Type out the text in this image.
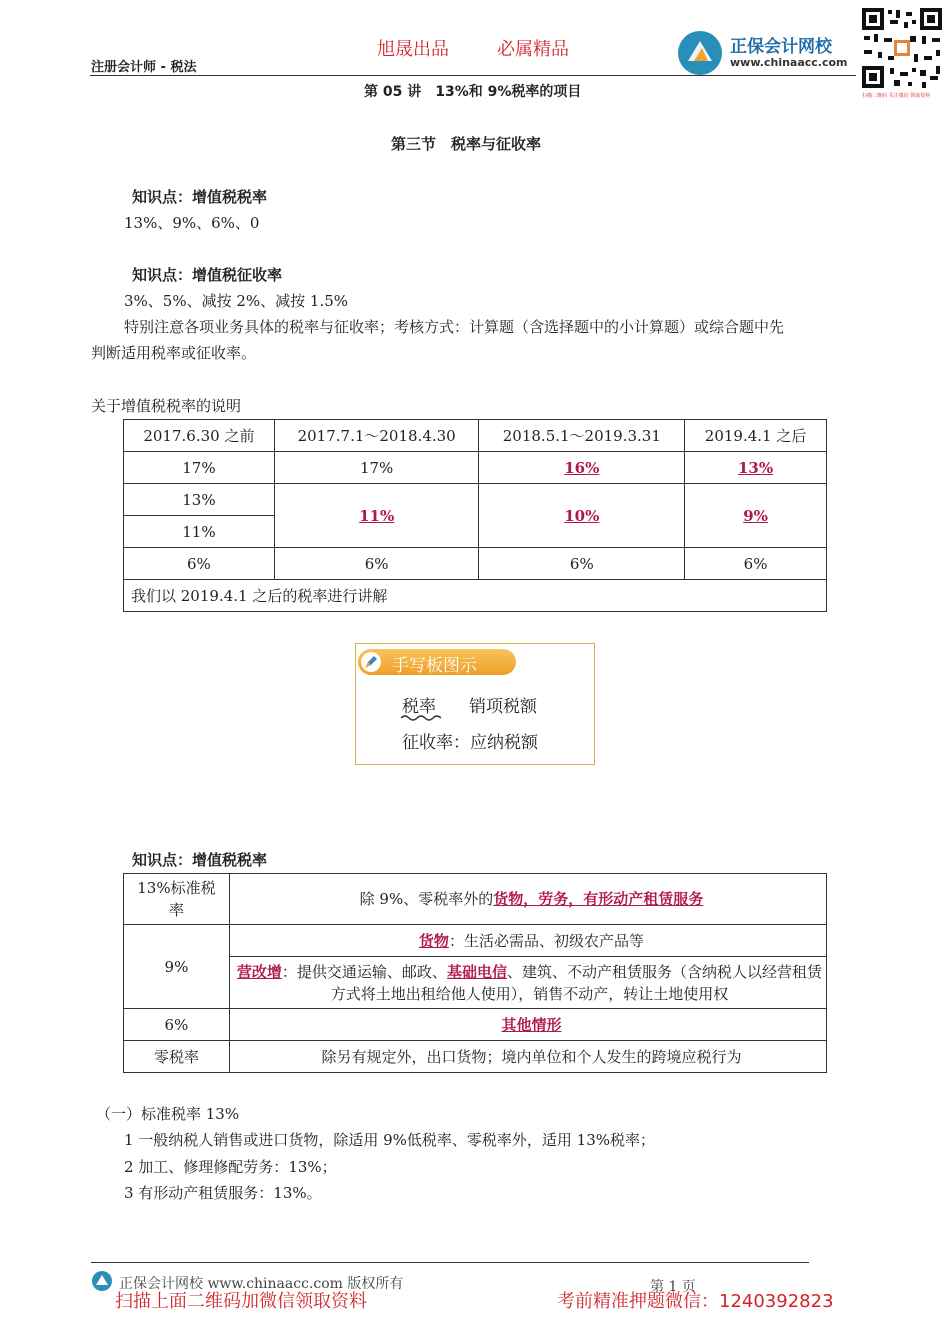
旭晟出品	必属精品
注册会计师 - 税法
正保会计网校
www.chinaacc.com
扫描二维码 关注微信 领取资料
第 05 讲　13%和 9%税率的项目
第三节　税率与征收率
知识点：增值税税率
13%、9%、6%、0
知识点：增值税征收率
3%、5%、减按 2%、减按 1.5%
特别注意各项业务具体的税率与征收率；考核方式：计算题（含选择题中的小计算题）或综合题中先
判断适用税率或征收率。
关于增值税税率的说明
2017.6.30 之前	2017.7.1～2018.4.30	2018.5.1～2019.3.31	2019.4.1 之后
17%	17%	16%	13%
13%	11%	10%	9%
11%			
6%	6%	6%	6%
我们以 2019.4.1 之后的税率进行讲解			
手写板图示
税率 销项税额
征收率：应纳税额
知识点：增值税税率
13%标准税率	除 9%、零税率外的货物，劳务，有形动产租赁服务
9%	货物：生活必需品、初级农产品等
	营改增：提供交通运输、邮政、基础电信、建筑、不动产租赁服务（含纳税人以经营租赁方式将土地出租给他人使用），销售不动产，转让土地使用权
6%	其他情形
零税率	除另有规定外，出口货物；境内单位和个人发生的跨境应税行为
（一）标准税率 13%
1 一般纳税人销售或进口货物，除适用 9%低税率、零税率外，适用 13%税率；
2 加工、修理修配劳务：13%；
3 有形动产租赁服务：13%。
正保会计网校 www.chinaacc.com 版权所有	第 1 页
扫描上面二维码加微信领取资料	考前精准押题微信：1240392823
